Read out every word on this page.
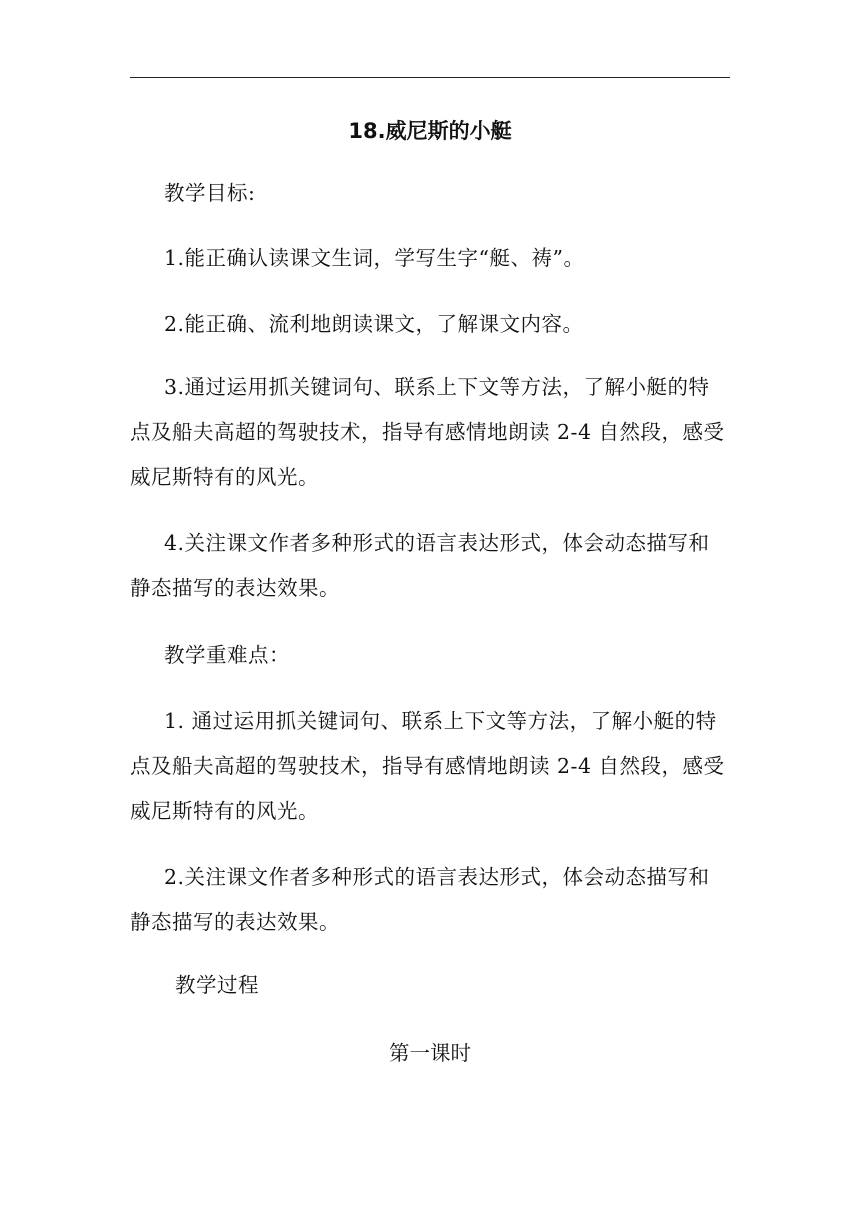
18.威尼斯的小艇
教学目标:
1.能正确认读课文生词，学写生字“艇、祷”。
2.能正确、流利地朗读课文，了解课文内容。
3.通过运用抓关键词句、联系上下文等方法，了解小艇的特
点及船夫高超的驾驶技术，指导有感情地朗读 2-4 自然段，感受
威尼斯特有的风光。
4.关注课文作者多种形式的语言表达形式，体会动态描写和
静态描写的表达效果。
教学重难点：
1. 通过运用抓关键词句、联系上下文等方法，了解小艇的特
点及船夫高超的驾驶技术，指导有感情地朗读 2-4 自然段，感受
威尼斯特有的风光。
2.关注课文作者多种形式的语言表达形式，体会动态描写和
静态描写的表达效果。
教学过程
第一课时
